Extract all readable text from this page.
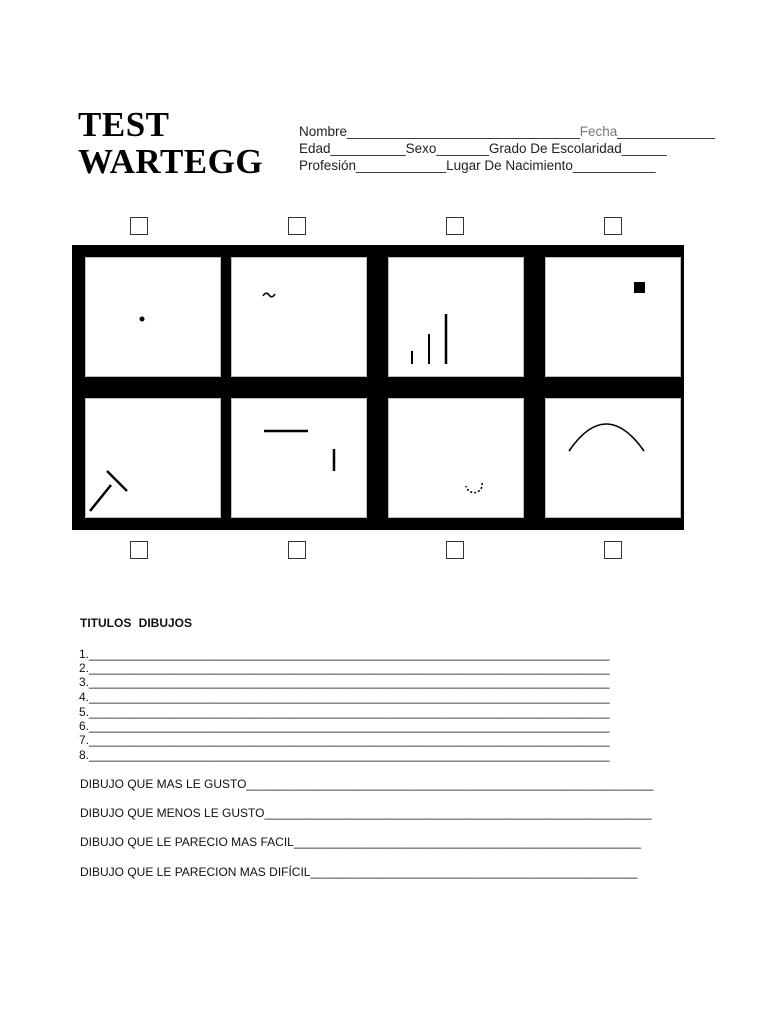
TEST
WARTEGG
Nombre_______________________________Fecha_____________
Edad__________Sexo_______Grado De Escolaridad______
Profesión____________Lugar De Nacimiento___________
TITULOS DIBUJOS
1.______________________________________________________________________________
2.______________________________________________________________________________
3.______________________________________________________________________________
4.______________________________________________________________________________
5.______________________________________________________________________________
6.______________________________________________________________________________
7.______________________________________________________________________________
8.______________________________________________________________________________
DIBUJO QUE MAS LE GUSTO_____________________________________________________________
DIBUJO QUE MENOS LE GUSTO__________________________________________________________
DIBUJO QUE LE PARECIO MAS FACIL____________________________________________________
DIBUJO QUE LE PARECION MAS DIFÍCIL_________________________________________________
